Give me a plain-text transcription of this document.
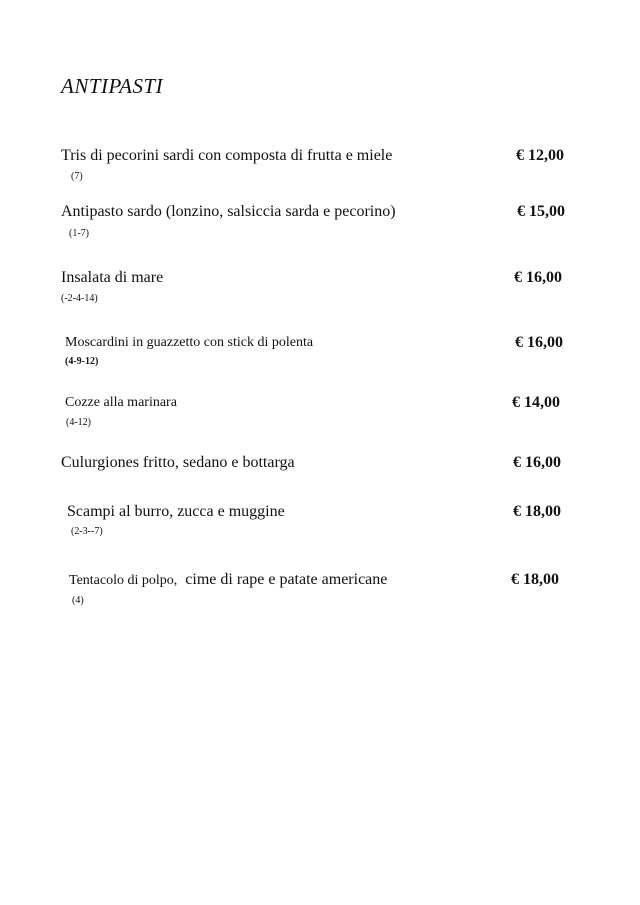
ANTIPASTI
Tris di pecorini sardi con composta di frutta e miele	€ 12,00
(7)
Antipasto sardo (lonzino, salsiccia sarda e pecorino)	€ 15,00
(1-7)
Insalata di mare	€ 16,00
(-2-4-14)
Moscardini in guazzetto con stick di polenta	€ 16,00
(4-9-12)
Cozze alla marinara	€ 14,00
(4-12)
Culurgiones fritto, sedano e bottarga	€ 16,00
Scampi al burro, zucca e muggine	€ 18,00
(2-3--7)
Tentacolo di polpo,  cime di rape e patate americane	€ 18,00
(4)
